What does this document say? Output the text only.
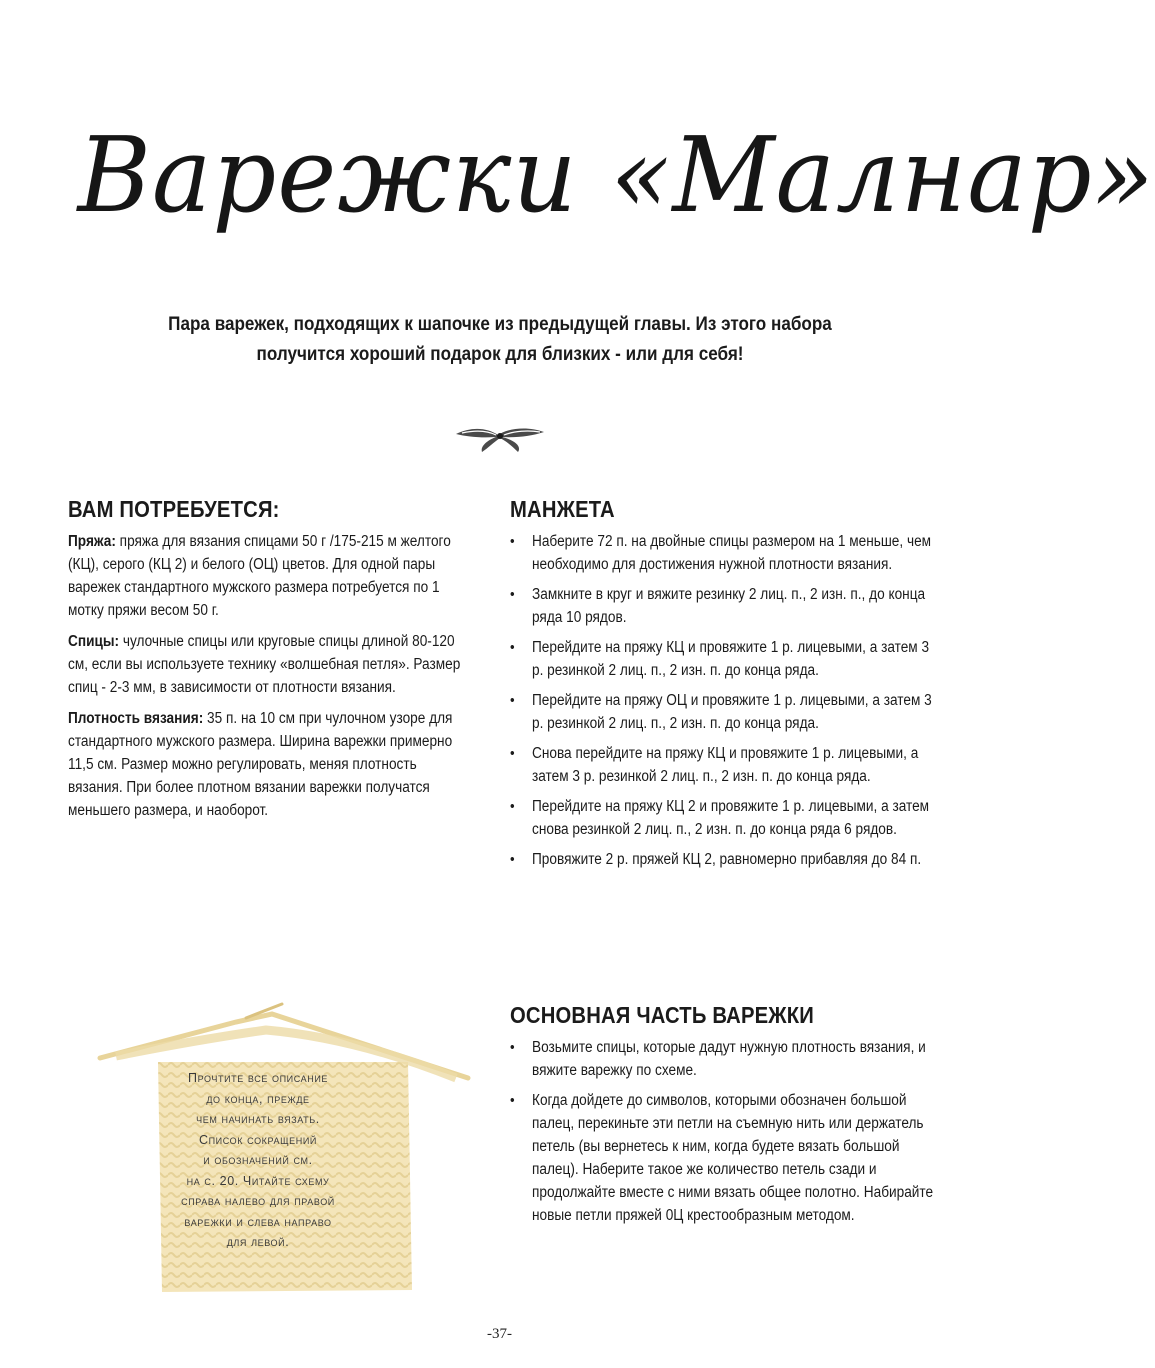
Варежки «Малнар»
Пара варежек, подходящих к шапочке из предыдущей главы. Из этого набора
получится хороший подарок для близких - или для себя!
ВАМ ПОТРЕБУЕТСЯ:
Пряжа: пряжа для вязания спицами 50 г /175-215 м желтого (КЦ), серого (КЦ 2) и белого (ОЦ) цветов. Для одной пары варежек стандартного мужского размера потребуется по 1 мотку пряжи весом 50 г.
Спицы: чулочные спицы или круговые спицы длиной 80-120 см, если вы используете технику «волшебная петля». Размер спиц - 2-3 мм, в зависимости от плотности вязания.
Плотность вязания: 35 п. на 10 см при чулочном узоре для стандартного мужского размера. Ширина варежки примерно 11,5 см. Размер можно регулировать, меняя плотность вязания. При более плотном вязании варежки получатся меньшего размера, и наоборот.
МАНЖЕТА
• Наберите 72 п. на двойные спицы размером на 1 меньше, чем необходимо для достижения нужной плотности вязания.
• Замкните в круг и вяжите резинку 2 лиц. п., 2 изн. п., до конца ряда 10 рядов.
• Перейдите на пряжу КЦ и провяжите 1 р. лицевыми, а затем 3 р. резинкой 2 лиц. п., 2 изн. п. до конца ряда.
• Перейдите на пряжу ОЦ и провяжите 1 р. лицевыми, а затем 3 р. резинкой 2 лиц. п., 2 изн. п. до конца ряда.
• Снова перейдите на пряжу КЦ и провяжите 1 р. лицевыми, а затем 3 р. резинкой 2 лиц. п., 2 изн. п. до конца ряда.
• Перейдите на пряжу КЦ 2 и провяжите 1 р. лицевыми, а затем снова резинкой 2 лиц. п., 2 изн. п. до конца ряда 6 рядов.
• Провяжите 2 р. пряжей КЦ 2, равномерно прибавляя до 84 п.
ОСНОВНАЯ ЧАСТЬ ВАРЕЖКИ
• Возьмите спицы, которые дадут нужную плотность вязания, и вяжите варежку по схеме.
• Когда дойдете до символов, которыми обозначен большой палец, перекиньте эти петли на съемную нить или держатель петель (вы вернетесь к ним, когда будете вязать большой палец). Наберите такое же количество петель сзади и продолжайте вместе с ними вязать общее полотно. Набирайте новые петли пряжей 0Ц крестообразным методом.
Прочтите все описание
до конца, прежде
чем начинать вязать.
Список сокращений
и обозначений см.
на с. 20. Читайте схему
справа налево для правой
варежки и слева направо
для левой.
-37-
